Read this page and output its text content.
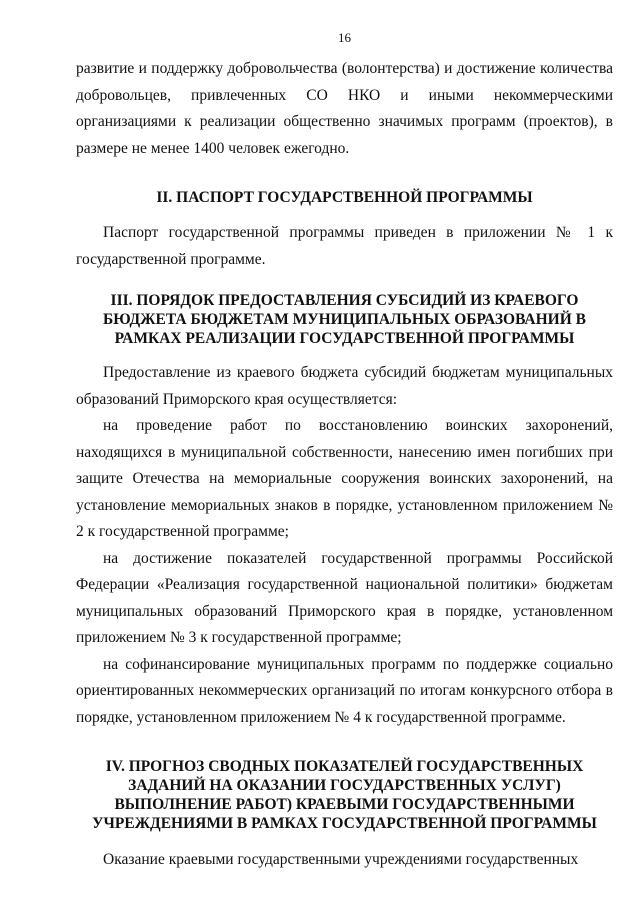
16

развитие и поддержку добровольчества (волонтерства) и достижение количества добровольцев, привлеченных СО НКО и иными некоммерческими организациями к реализации общественно значимых программ (проектов), в размере не менее 1400 человек ежегодно.

II. ПАСПОРТ ГОСУДАРСТВЕННОЙ ПРОГРАММЫ

Паспорт государственной программы приведен в приложении № 1 к государственной программе.

III. ПОРЯДОК ПРЕДОСТАВЛЕНИЯ СУБСИДИЙ ИЗ КРАЕВОГО БЮДЖЕТА БЮДЖЕТАМ МУНИЦИПАЛЬНЫХ ОБРАЗОВАНИЙ В РАМКАХ РЕАЛИЗАЦИИ ГОСУДАРСТВЕННОЙ ПРОГРАММЫ

Предоставление из краевого бюджета субсидий бюджетам муниципальных образований Приморского края осуществляется:

на проведение работ по восстановлению воинских захоронений, находящихся в муниципальной собственности, нанесению имен погибших при защите Отечества на мемориальные сооружения воинских захоронений, на установление мемориальных знаков в порядке, установленном приложением № 2 к государственной программе;

на достижение показателей государственной программы Российской Федерации «Реализация государственной национальной политики» бюджетам муниципальных образований Приморского края в порядке, установленном приложением № 3 к государственной программе;

на софинансирование муниципальных программ по поддержке социально ориентированных некоммерческих организаций по итогам конкурсного отбора в порядке, установленном приложением № 4 к государственной программе.

IV. ПРОГНОЗ СВОДНЫХ ПОКАЗАТЕЛЕЙ ГОСУДАРСТВЕННЫХ ЗАДАНИЙ НА ОКАЗАНИИ ГОСУДАРСТВЕННЫХ УСЛУГ) ВЫПОЛНЕНИЕ РАБОТ) КРАЕВЫМИ ГОСУДАРСТВЕННЫМИ УЧРЕЖДЕНИЯМИ В РАМКАХ ГОСУДАРСТВЕННОЙ ПРОГРАММЫ

Оказание краевыми государственными учреждениями государственных
